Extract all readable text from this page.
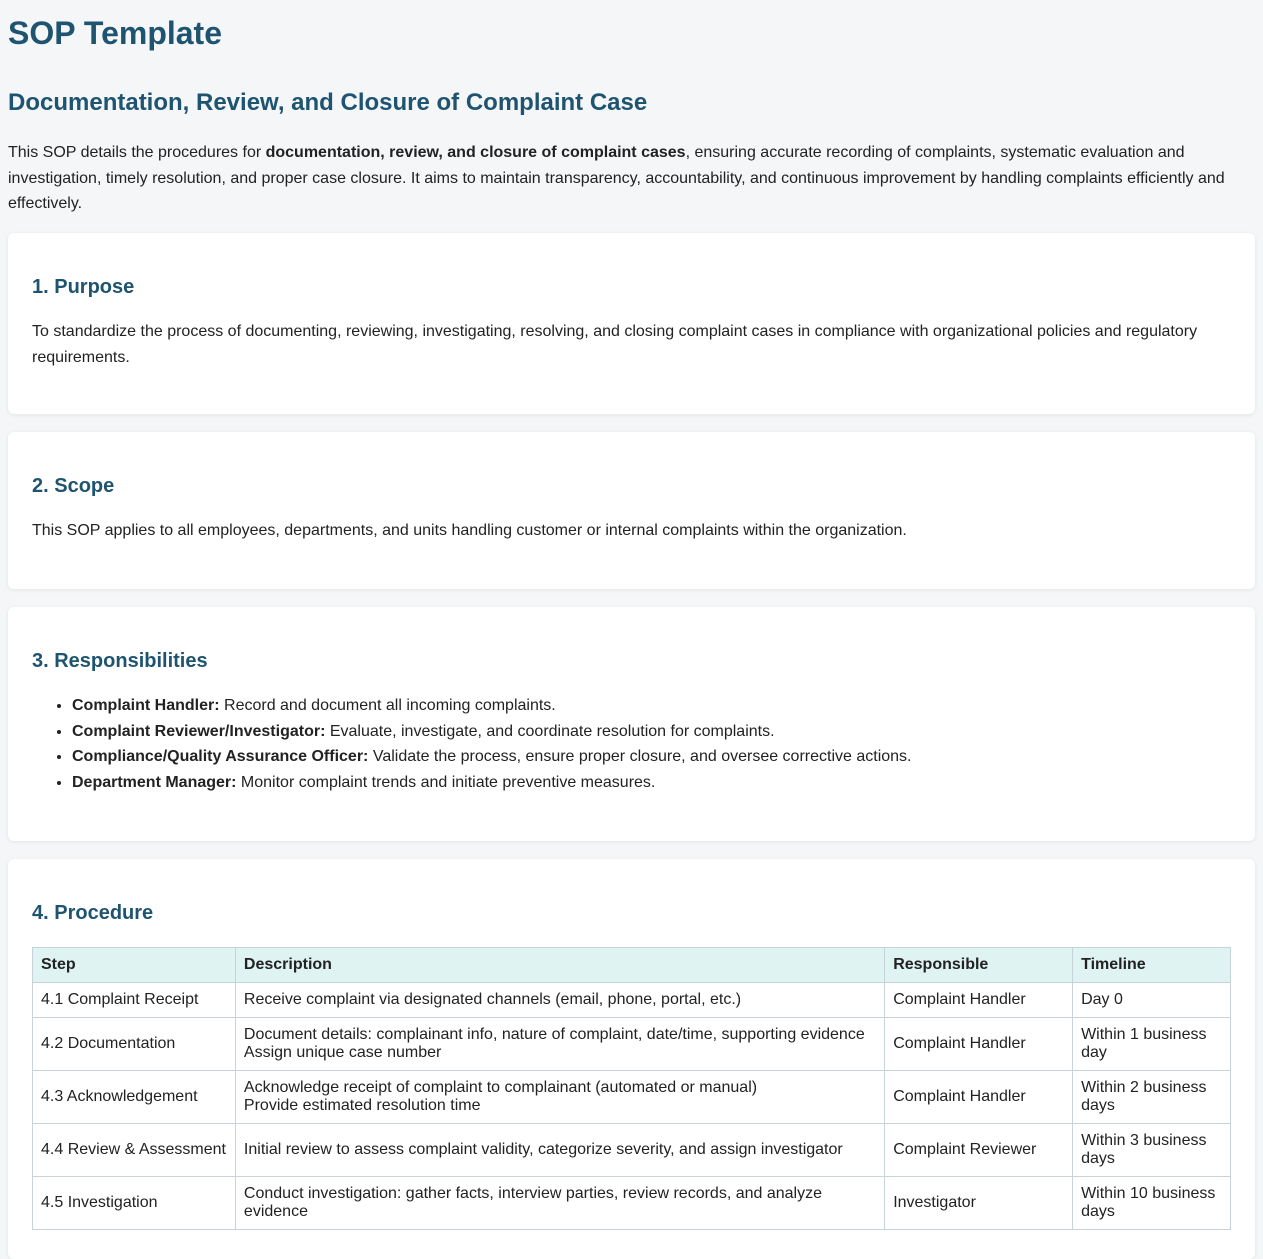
SOP Template
Documentation, Review, and Closure of Complaint Case

This SOP details the procedures for documentation, review, and closure of complaint cases, ensuring accurate recording of complaints, systematic evaluation and investigation, timely resolution, and proper case closure. It aims to maintain transparency, accountability, and continuous improvement by handling complaints efficiently and effectively.

1. Purpose

To standardize the process of documenting, reviewing, investigating, resolving, and closing complaint cases in compliance with organizational policies and regulatory requirements.

2. Scope

This SOP applies to all employees, departments, and units handling customer or internal complaints within the organization.

3. Responsibilities
• Complaint Handler: Record and document all incoming complaints.
• Complaint Reviewer/Investigator: Evaluate, investigate, and coordinate resolution for complaints.
• Compliance/Quality Assurance Officer: Validate the process, ensure proper closure, and oversee corrective actions.
• Department Manager: Monitor complaint trends and initiate preventive measures.
4. Procedure
Step	Description	Responsible	Timeline
4.1 Complaint Receipt	Receive complaint via designated channels (email, phone, portal, etc.)	Complaint Handler	Day 0
4.2 Documentation	Document details: complainant info, nature of complaint, date/time, supporting evidence
Assign unique case number	Complaint Handler	Within 1 business day
4.3 Acknowledgement	Acknowledge receipt of complaint to complainant (automated or manual)
Provide estimated resolution time	Complaint Handler	Within 2 business days
4.4 Review & Assessment	Initial review to assess complaint validity, categorize severity, and assign investigator	Complaint Reviewer	Within 3 business days
4.5 Investigation	Conduct investigation: gather facts, interview parties, review records, and analyze evidence	Investigator	Within 10 business days
